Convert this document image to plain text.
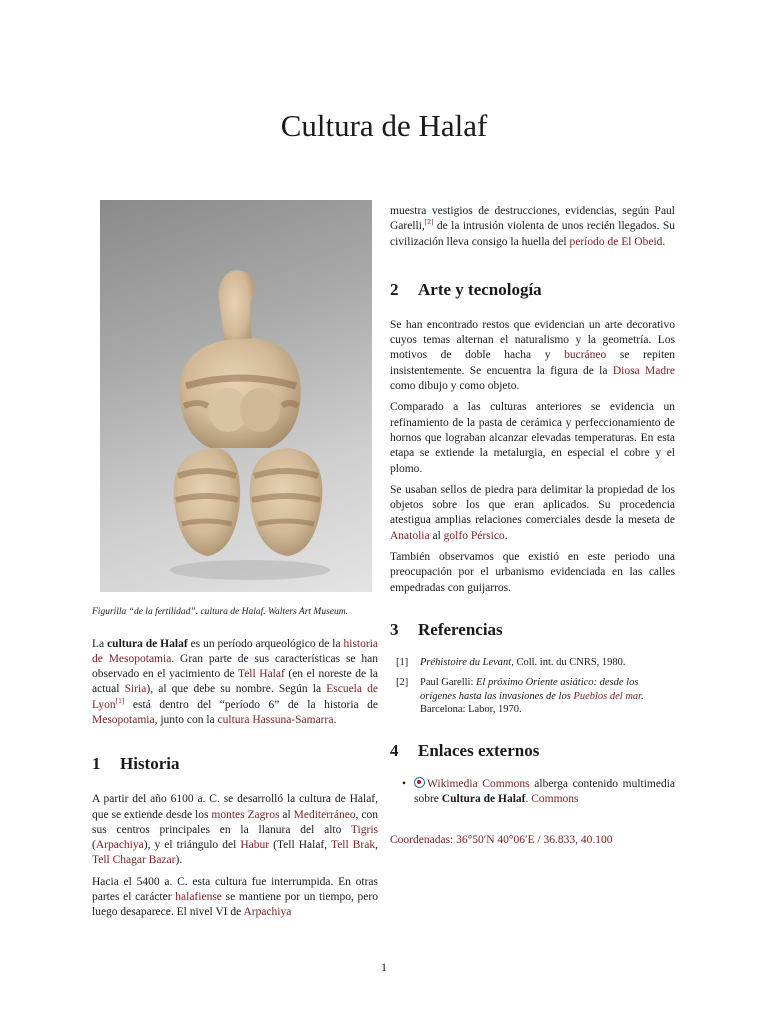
Cultura de Halaf
Figurilla “de la fertilidad”. cultura de Halaf. Walters Art Museum.

La cultura de Halaf es un período arqueológico de la historia de Mesopotamia. Gran parte de sus características se han observado en el yacimiento de Tell Halaf (en el noreste de la actual Siria), al que debe su nombre. Según la Escuela de Lyon[1] está dentro del “período 6” de la historia de Mesopotamia, junto con la cultura Hassuna-Samarra.

1 Historia

A partir del año 6100 a. C. se desarrolló la cultura de Halaf, que se extiende desde los montes Zagros al Mediterráneo, con sus centros principales en la llanura del alto Tigris (Arpachiya), y el triángulo del Habur (Tell Halaf, Tell Brak, Tell Chagar Bazar).

Hacia el 5400 a. C. esta cultura fue interrumpida. En otras partes el carácter halafiense se mantiene por un tiempo, pero luego desaparece. El nivel VI de Arpachiya

muestra vestigios de destrucciones, evidencias, según Paul Garelli,[2] de la intrusión violenta de unos recién llegados. Su civilización lleva consigo la huella del período de El Obeid.

2 Arte y tecnología

Se han encontrado restos que evidencian un arte decorativo cuyos temas alternan el naturalismo y la geometría. Los motivos de doble hacha y bucráneo se repiten insistentemente. Se encuentra la figura de la Diosa Madre como dibujo y como objeto.

Comparado a las culturas anteriores se evidencia un refinamiento de la pasta de cerámica y perfeccionamiento de hornos que lograban alcanzar elevadas temperaturas. En esta etapa se extiende la metalurgia, en especial el cobre y el plomo.

Se usaban sellos de piedra para delimitar la propiedad de los objetos sobre los que eran aplicados. Su procedencia atestigua amplias relaciones comerciales desde la meseta de Anatolia al golfo Pérsico.

También observamos que existió en este periodo una preocupación por el urbanismo evidenciada en las calles empedradas con guijarros.

3 Referencias
[1]	Préhistoire du Levant, Coll. int. du CNRS, 1980.
[2]	Paul Garelli: El próximo Oriente asiático: desde los orígenes hasta las invasiones de los Pueblos del mar. Barcelona: Labor, 1970.
4 Enlaces externos
•	Wikimedia Commons alberga contenido multimedia sobre Cultura de Halaf. Commons
Coordenadas: 36°50′N 40°06′E / 36.833, 40.100
1
